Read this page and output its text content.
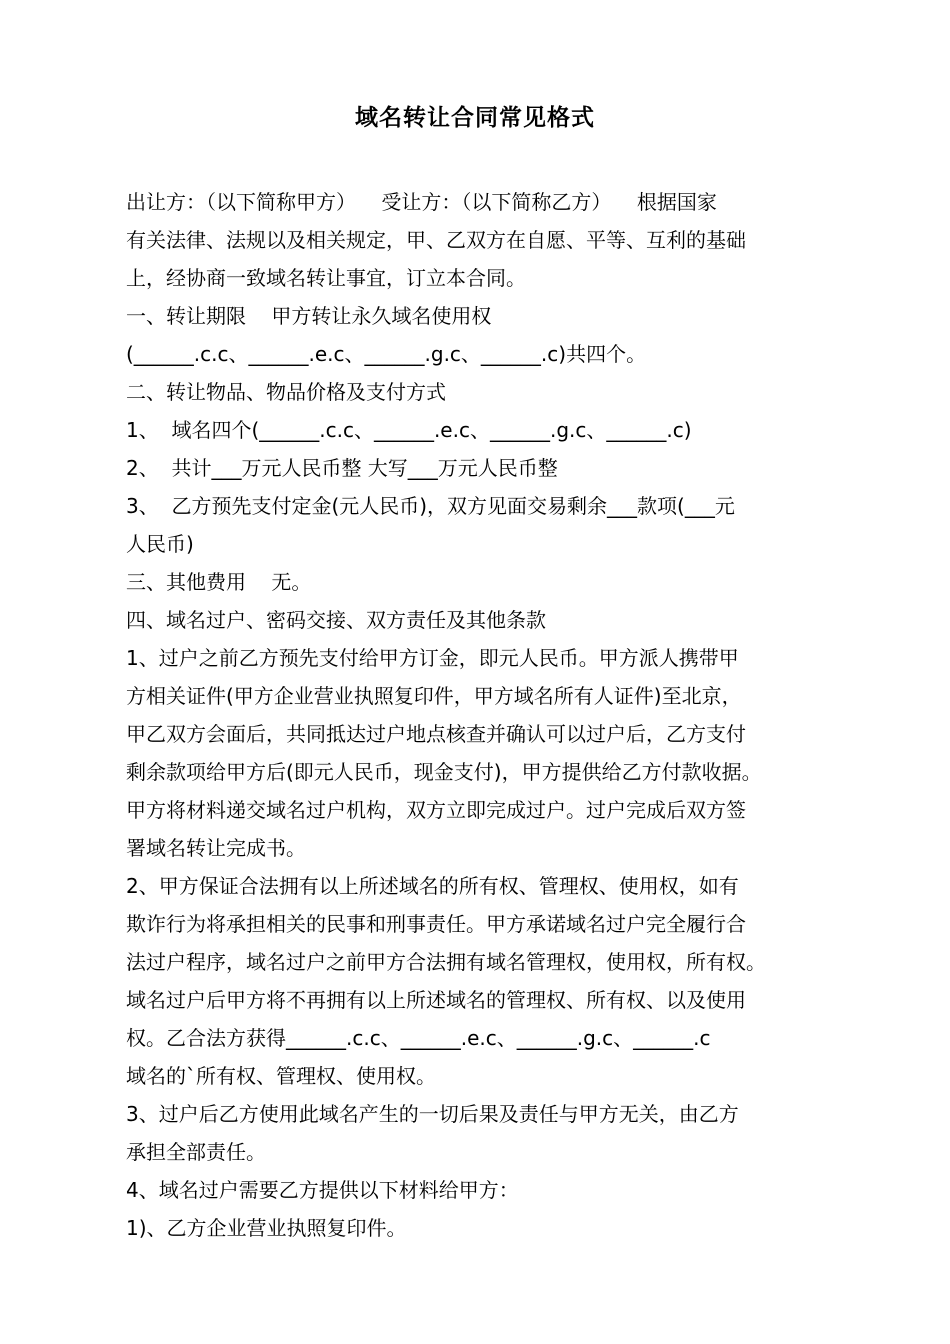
域名转让合同常见格式
出让方：（以下简称甲方）    受让方：（以下简称乙方）    根据国家
有关法律、法规以及相关规定，甲、乙双方在自愿、平等、互利的基础
上，经协商一致域名转让事宜，订立本合同。
一、转让期限    甲方转让永久域名使用权
(______.c.c、______.e.c、______.g.c、______.c)共四个。
二、转让物品、物品价格及支付方式
1、  域名四个(______.c.c、______.e.c、______.g.c、______.c)
2、  共计___万元人民币整 大写___万元人民币整
3、  乙方预先支付定金(元人民币)，双方见面交易剩余___款项(___元
人民币)
三、其他费用    无。
四、域名过户、密码交接、双方责任及其他条款
1、过户之前乙方预先支付给甲方订金，即元人民币。甲方派人携带甲
方相关证件(甲方企业营业执照复印件，甲方域名所有人证件)至北京，
甲乙双方会面后，共同抵达过户地点核查并确认可以过户后，乙方支付
剩余款项给甲方后(即元人民币，现金支付)，甲方提供给乙方付款收据。
甲方将材料递交域名过户机构，双方立即完成过户。过户完成后双方签
署域名转让完成书。
2、甲方保证合法拥有以上所述域名的所有权、管理权、使用权，如有
欺诈行为将承担相关的民事和刑事责任。甲方承诺域名过户完全履行合
法过户程序，域名过户之前甲方合法拥有域名管理权，使用权，所有权。
域名过户后甲方将不再拥有以上所述域名的管理权、所有权、以及使用
权。乙合法方获得______.c.c、______.e.c、______.g.c、______.c
域名的`所有权、管理权、使用权。
3、过户后乙方使用此域名产生的一切后果及责任与甲方无关，由乙方
承担全部责任。
4、域名过户需要乙方提供以下材料给甲方：
1)、乙方企业营业执照复印件。
